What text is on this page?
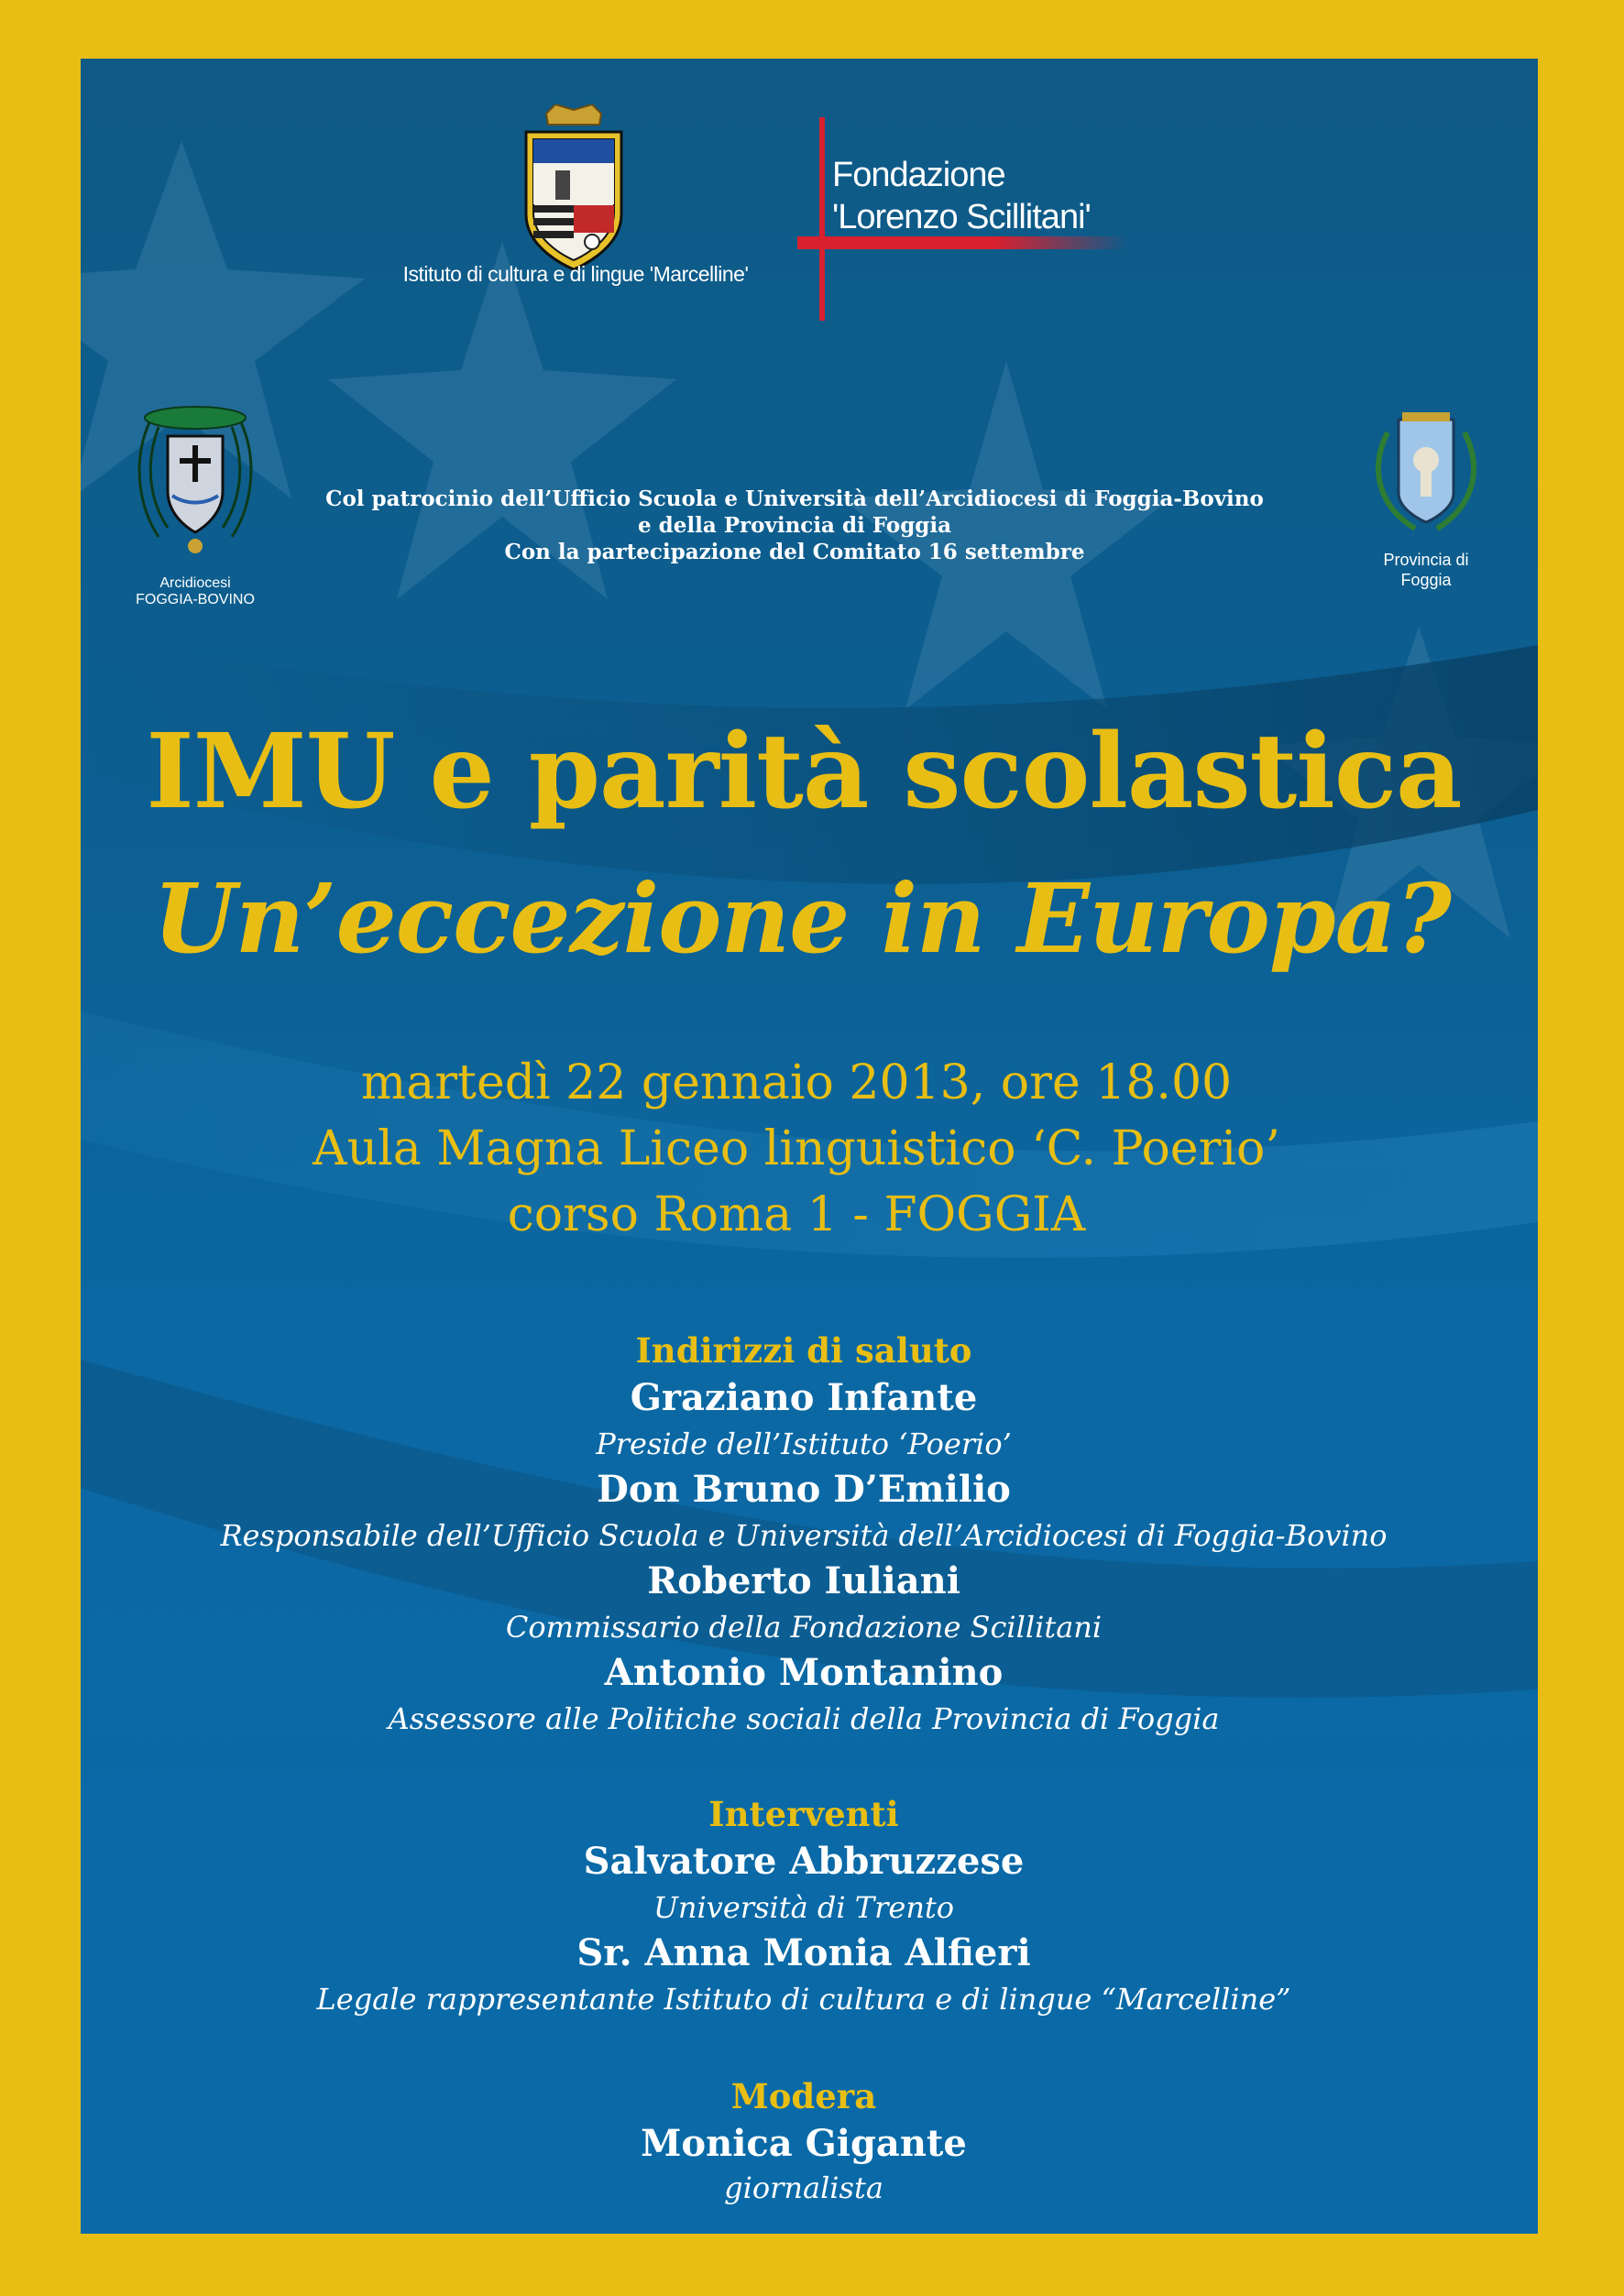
Istituto di cultura e di lingue 'Marcelline'
Fondazione
'Lorenzo Scillitani'
Arcidiocesi
FOGGIA-BOVINO
Provincia di
Foggia
Col patrocinio dell’Ufficio Scuola e Università dell’Arcidiocesi di Foggia-Bovino
e della Provincia di Foggia
Con la partecipazione del Comitato 16 settembre
IMU e parità scolastica
Un’eccezione in Europa?
martedì 22 gennaio 2013, ore 18.00
Aula Magna Liceo linguistico ‘C. Poerio’
corso Roma 1 - FOGGIA
Indirizzi di saluto
Graziano Infante
Preside dell’Istituto ‘Poerio’
Don Bruno D’Emilio
Responsabile dell’Ufficio Scuola e Università dell’Arcidiocesi di Foggia-Bovino
Roberto Iuliani
Commissario della Fondazione Scillitani
Antonio Montanino
Assessore alle Politiche sociali della Provincia di Foggia
Interventi
Salvatore Abbruzzese
Università di Trento
Sr. Anna Monia Alfieri
Legale rappresentante Istituto di cultura e di lingue “Marcelline”
Modera
Monica Gigante
giornalista
